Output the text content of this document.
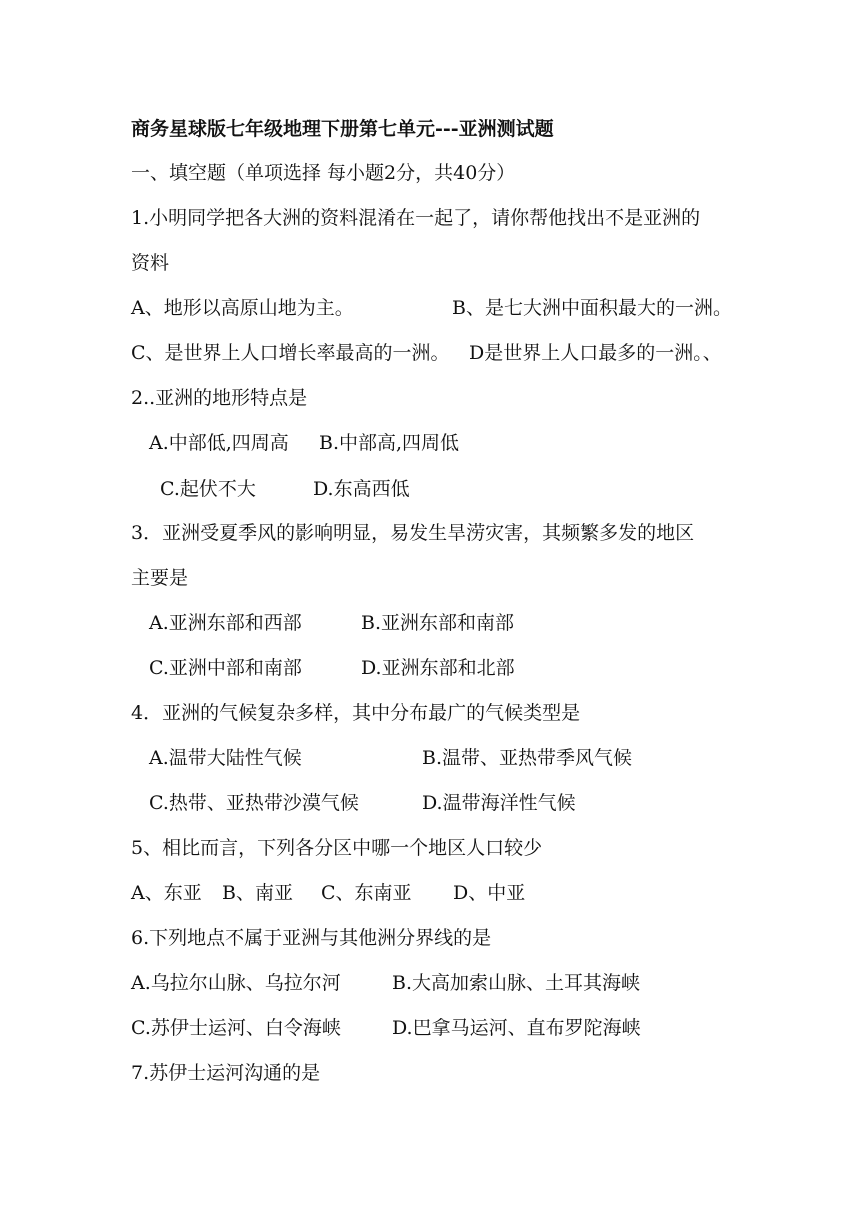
商务星球版七年级地理下册第七单元---亚洲测试题
一、填空题（单项选择 每小题2分，共40分）
1.小明同学把各大洲的资料混淆在一起了，请你帮他找出不是亚洲的
资料
A、地形以高原山地为主。	B、是七大洲中面积最大的一洲。
C、是世界上人口增长率最高的一洲。 D是世界上人口最多的一洲。、
2..亚洲的地形特点是
A.中部低,四周高 B.中部高,四周低
C.起伏不大	D.东高西低
3．亚洲受夏季风的影响明显，易发生旱涝灾害，其频繁多发的地区
主要是
A.亚洲东部和西部	B.亚洲东部和南部
C.亚洲中部和南部	D.亚洲东部和北部
4．亚洲的气候复杂多样，其中分布最广的气候类型是
A.温带大陆性气候	B.温带、亚热带季风气候
C.热带、亚热带沙漠气候	D.温带海洋性气候
5、相比而言，下列各分区中哪一个地区人口较少
A、东亚 B、南亚 C、东南亚 D、中亚
6.下列地点不属于亚洲与其他洲分界线的是
A.乌拉尔山脉、乌拉尔河	B.大高加索山脉、土耳其海峡
C.苏伊士运河、白令海峡	D.巴拿马运河、直布罗陀海峡
7.苏伊士运河沟通的是
